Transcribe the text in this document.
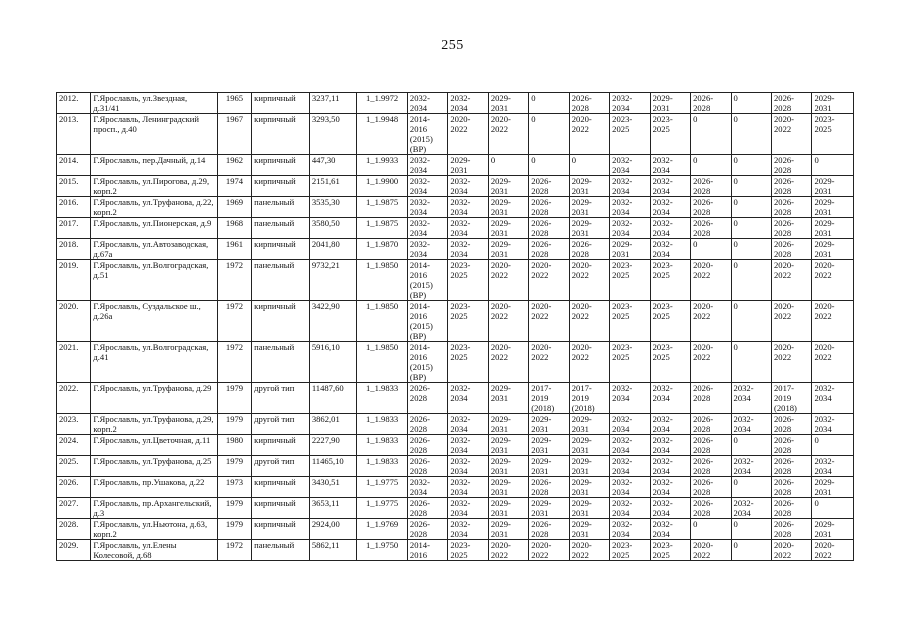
255
2012.	Г.Ярославль, ул.Звездная, д.31/41	1965	кирпичный	3237,11	1_1.9972	2032-2034	2032-2034	2029-2031	0	2026-2028	2032-2034	2029-2031	2026-2028	0	2026-2028	2029-2031
2013.	Г.Ярославль, Ленинградский просп., д.40	1967	кирпичный	3293,50	1_1.9948	2014-2016 (2015) (ВР)	2020-2022	2020-2022	0	2020-2022	2023-2025	2023-2025	0	0	2020-2022	2023-2025
2014.	Г.Ярославль, пер.Дачный, д.14	1962	кирпичный	447,30	1_1.9933	2032-2034	2029-2031	0	0	0	2032-2034	2032-2034	0	0	2026-2028	0
2015.	Г.Ярославль, ул.Пирогова, д.29, корп.2	1974	кирпичный	2151,61	1_1.9900	2032-2034	2032-2034	2029-2031	2026-2028	2029-2031	2032-2034	2032-2034	2026-2028	0	2026-2028	2029-2031
2016.	Г.Ярославль, ул.Труфанова, д.22, корп.2	1969	панельный	3535,30	1_1.9875	2032-2034	2032-2034	2029-2031	2026-2028	2029-2031	2032-2034	2032-2034	2026-2028	0	2026-2028	2029-2031
2017.	Г.Ярославль, ул.Пионерская, д.9	1968	панельный	3580,50	1_1.9875	2032-2034	2032-2034	2029-2031	2026-2028	2029-2031	2032-2034	2032-2034	2026-2028	0	2026-2028	2029-2031
2018.	Г.Ярославль, ул.Автозаводская, д.67а	1961	кирпичный	2041,80	1_1.9870	2032-2034	2032-2034	2029-2031	2026-2028	2026-2028	2029-2031	2032-2034	0	0	2026-2028	2029-2031
2019.	Г.Ярославль, ул.Волгоградская, д.51	1972	панельный	9732,21	1_1.9850	2014-2016 (2015) (ВР)	2023-2025	2020-2022	2020-2022	2020-2022	2023-2025	2023-2025	2020-2022	0	2020-2022	2020-2022
2020.	Г.Ярославль, Суздальское ш., д.26а	1972	кирпичный	3422,90	1_1.9850	2014-2016 (2015) (ВР)	2023-2025	2020-2022	2020-2022	2020-2022	2023-2025	2023-2025	2020-2022	0	2020-2022	2020-2022
2021.	Г.Ярославль, ул.Волгоградская, д.41	1972	панельный	5916,10	1_1.9850	2014-2016 (2015) (ВР)	2023-2025	2020-2022	2020-2022	2020-2022	2023-2025	2023-2025	2020-2022	0	2020-2022	2020-2022
2022.	Г.Ярославль, ул.Труфанова, д.29	1979	другой тип	11487,60	1_1.9833	2026-2028	2032-2034	2029-2031	2017-2019 (2018)	2017-2019 (2018)	2032-2034	2032-2034	2026-2028	2032-2034	2017-2019 (2018)	2032-2034
2023.	Г.Ярославль, ул.Труфанова, д.29, корп.2	1979	другой тип	3862,01	1_1.9833	2026-2028	2032-2034	2029-2031	2029-2031	2029-2031	2032-2034	2032-2034	2026-2028	2032-2034	2026-2028	2032-2034
2024.	Г.Ярославль, ул.Цветочная, д.11	1980	кирпичный	2227,90	1_1.9833	2026-2028	2032-2034	2029-2031	2029-2031	2029-2031	2032-2034	2032-2034	2026-2028	0	2026-2028	0
2025.	Г.Ярославль, ул.Труфанова, д.25	1979	другой тип	11465,10	1_1.9833	2026-2028	2032-2034	2029-2031	2029-2031	2029-2031	2032-2034	2032-2034	2026-2028	2032-2034	2026-2028	2032-2034
2026.	Г.Ярославль, пр.Ушакова, д.22	1973	кирпичный	3430,51	1_1.9775	2032-2034	2032-2034	2029-2031	2026-2028	2029-2031	2032-2034	2032-2034	2026-2028	0	2026-2028	2029-2031
2027.	Г.Ярославль, пр.Архангельский, д.3	1979	кирпичный	3653,11	1_1.9775	2026-2028	2032-2034	2029-2031	2029-2031	2029-2031	2032-2034	2032-2034	2026-2028	2032-2034	2026-2028	0
2028.	Г.Ярославль, ул.Ньютона, д.63, корп.2	1979	кирпичный	2924,00	1_1.9769	2026-2028	2032-2034	2029-2031	2026-2028	2029-2031	2032-2034	2032-2034	0	0	2026-2028	2029-2031
2029.	Г.Ярославль, ул.Елены Колесовой, д.68	1972	панельный	5862,11	1_1.9750	2014-2016	2023-2025	2020-2022	2020-2022	2020-2022	2023-2025	2023-2025	2020-2022	0	2020-2022	2020-2022
